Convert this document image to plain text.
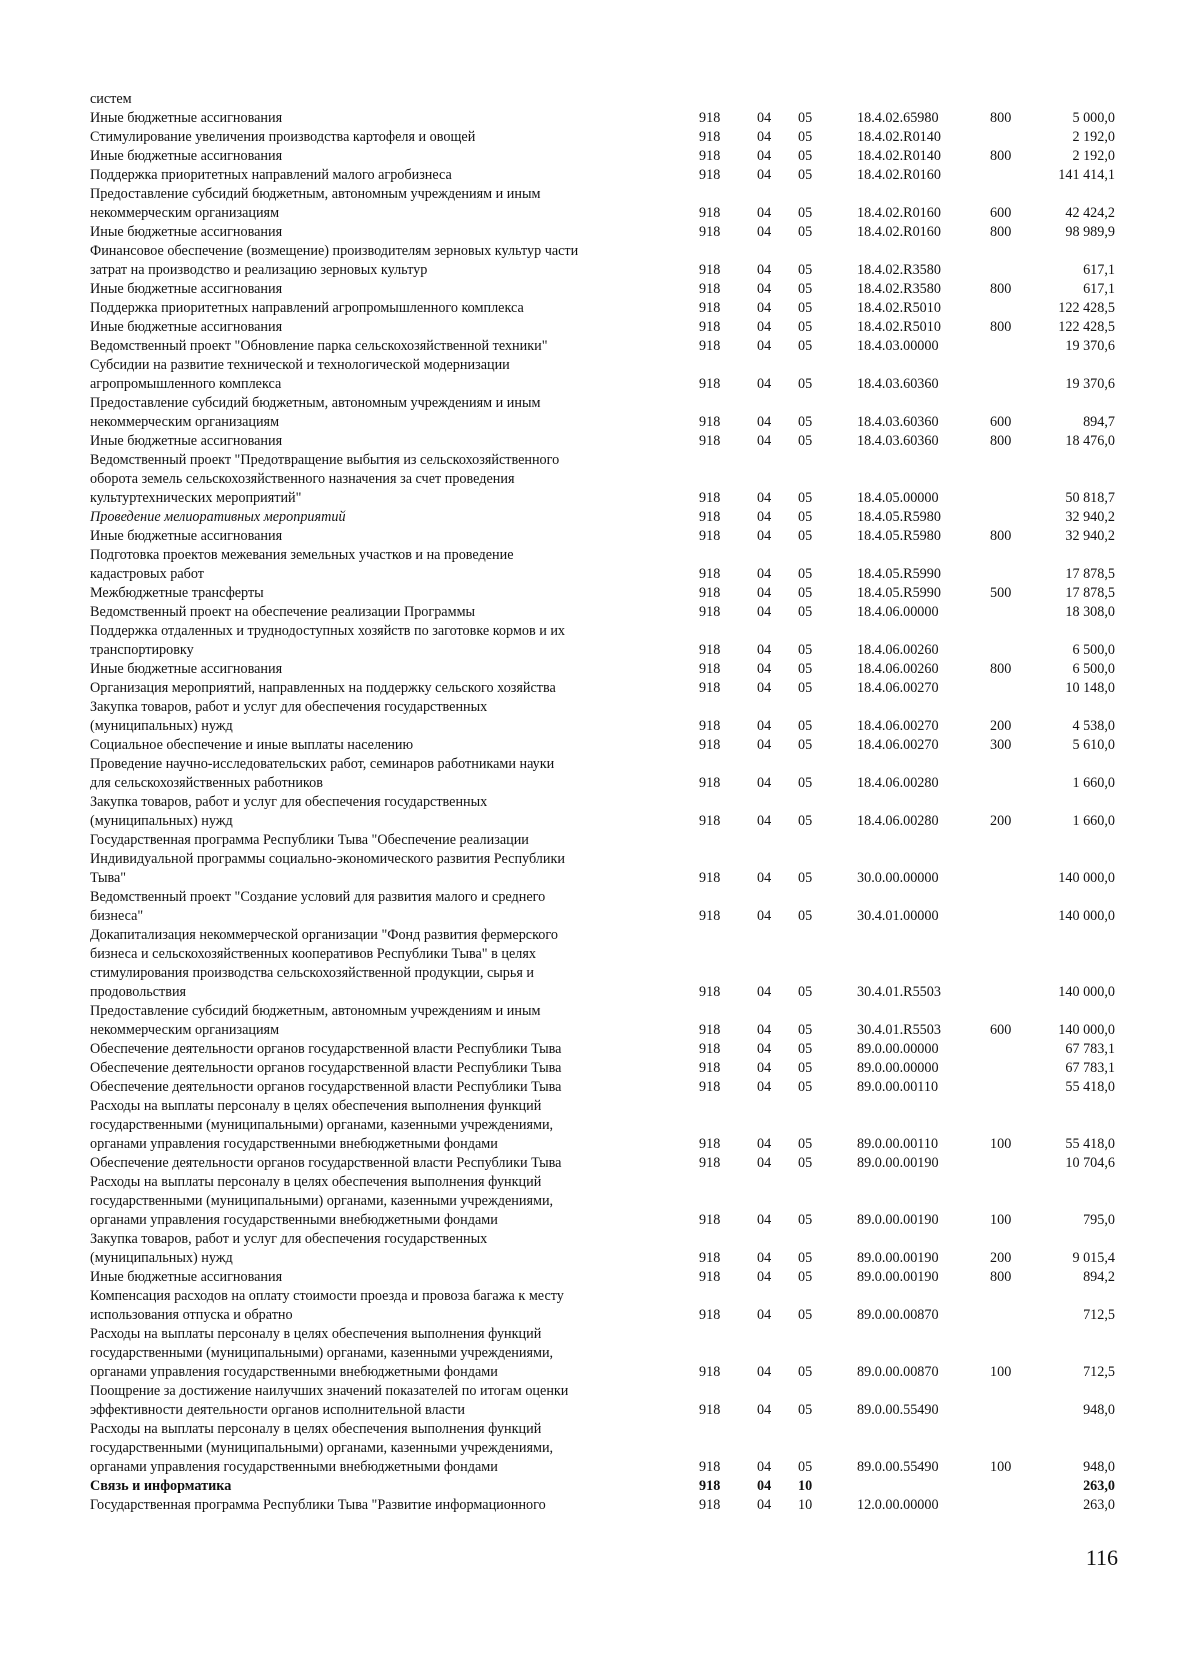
систем
Иные бюджетные ассигнования	918	04 05	18.4.02.65980	800	5 000,0
Стимулирование увеличения производства картофеля и овощей	918	04 05	18.4.02.R0140	2 192,0
Иные бюджетные ассигнования	918	04 05	18.4.02.R0140	800	2 192,0
Поддержка приоритетных направлений малого агробизнеса	918	04 05	18.4.02.R0160	141 414,1
Предоставление субсидий бюджетным, автономным учреждениям и иным
некоммерческим организациям	918	04 05	18.4.02.R0160	600	42 424,2
Иные бюджетные ассигнования	918	04 05	18.4.02.R0160	800	98 989,9
Финансовое обеспечение (возмещение) производителям зерновых культур части
затрат на производство и реализацию зерновых культур	918	04 05	18.4.02.R3580	617,1
Иные бюджетные ассигнования	918	04 05	18.4.02.R3580	800	617,1
Поддержка приоритетных направлений агропромышленного комплекса	918	04 05	18.4.02.R5010	122 428,5
Иные бюджетные ассигнования	918	04 05	18.4.02.R5010	800	122 428,5
Ведомственный проект "Обновление парка сельскохозяйственной техники"	918	04 05	18.4.03.00000	19 370,6
Субсидии на развитие технической и технологической модернизации
агропромышленного комплекса	918	04 05	18.4.03.60360	19 370,6
Предоставление субсидий бюджетным, автономным учреждениям и иным
некоммерческим организациям	918	04 05	18.4.03.60360	600	894,7
Иные бюджетные ассигнования	918	04 05	18.4.03.60360	800	18 476,0
Ведомственный проект "Предотвращение выбытия из сельскохозяйственного
оборота земель сельскохозяйственного назначения за счет проведения
культуртехнических мероприятий"	918	04 05	18.4.05.00000	50 818,7
Проведение мелиоративных мероприятий	918	04 05	18.4.05.R5980	32 940,2
Иные бюджетные ассигнования	918	04 05	18.4.05.R5980	800	32 940,2
Подготовка проектов межевания земельных участков и на проведение
кадастровых работ	918	04 05	18.4.05.R5990	17 878,5
Межбюджетные трансферты	918	04 05	18.4.05.R5990	500	17 878,5
Ведомственный проект на обеспечение реализации Программы	918	04 05	18.4.06.00000	18 308,0
Поддержка отдаленных и труднодоступных хозяйств по заготовке кормов и их
транспортировку	918	04 05	18.4.06.00260	6 500,0
Иные бюджетные ассигнования	918	04 05	18.4.06.00260	800	6 500,0
Организация мероприятий, направленных на поддержку сельского хозяйства	918	04 05	18.4.06.00270	10 148,0
Закупка товаров, работ и услуг для обеспечения государственных
(муниципальных) нужд	918	04 05	18.4.06.00270	200	4 538,0
Социальное обеспечение и иные выплаты населению	918	04 05	18.4.06.00270	300	5 610,0
Проведение научно-исследовательских работ, семинаров работниками науки
для сельскохозяйственных работников	918	04 05	18.4.06.00280	1 660,0
Закупка товаров, работ и услуг для обеспечения государственных
(муниципальных) нужд	918	04 05	18.4.06.00280	200	1 660,0
Государственная программа Республики Тыва "Обеспечение реализации
Индивидуальной программы социально-экономического развития Республики
Тыва"	918	04 05	30.0.00.00000	140 000,0
Ведомственный проект "Создание условий для развития малого и среднего
бизнеса"	918	04 05	30.4.01.00000	140 000,0
Докапитализация некоммерческой организации "Фонд развития фермерского
бизнеса и сельскохозяйственных кооперативов Республики Тыва" в целях
стимулирования производства сельскохозяйственной продукции, сырья и
продовольствия	918	04 05	30.4.01.R5503	140 000,0
Предоставление субсидий бюджетным, автономным учреждениям и иным
некоммерческим организациям	918	04 05	30.4.01.R5503	600	140 000,0
Обеспечение деятельности органов государственной власти Республики Тыва	918	04 05	89.0.00.00000	67 783,1
Обеспечение деятельности органов государственной власти Республики Тыва	918	04 05	89.0.00.00000	67 783,1
Обеспечение деятельности органов государственной власти Республики Тыва	918	04 05	89.0.00.00110	55 418,0
Расходы на выплаты персоналу в целях обеспечения выполнения функций
государственными (муниципальными) органами, казенными учреждениями,
органами управления государственными внебюджетными фондами	918	04 05	89.0.00.00110	100	55 418,0
Обеспечение деятельности органов государственной власти Республики Тыва	918	04 05	89.0.00.00190	10 704,6
Расходы на выплаты персоналу в целях обеспечения выполнения функций
государственными (муниципальными) органами, казенными учреждениями,
органами управления государственными внебюджетными фондами	918	04 05	89.0.00.00190	100	795,0
Закупка товаров, работ и услуг для обеспечения государственных
(муниципальных) нужд	918	04 05	89.0.00.00190	200	9 015,4
Иные бюджетные ассигнования	918	04 05	89.0.00.00190	800	894,2
Компенсация расходов на оплату стоимости проезда и провоза багажа к месту
использования отпуска и обратно	918	04 05	89.0.00.00870	712,5
Расходы на выплаты персоналу в целях обеспечения выполнения функций
государственными (муниципальными) органами, казенными учреждениями,
органами управления государственными внебюджетными фондами	918	04 05	89.0.00.00870	100	712,5
Поощрение за достижение наилучших значений показателей по итогам оценки
эффективности деятельности органов исполнительной власти	918	04 05	89.0.00.55490	948,0
Расходы на выплаты персоналу в целях обеспечения выполнения функций
государственными (муниципальными) органами, казенными учреждениями,
органами управления государственными внебюджетными фондами	918	04 05	89.0.00.55490	100	948,0
Связь и информатика	918	04 10	263,0
Государственная программа Республики Тыва "Развитие информационного	918	04 10	12.0.00.00000	263,0
116
